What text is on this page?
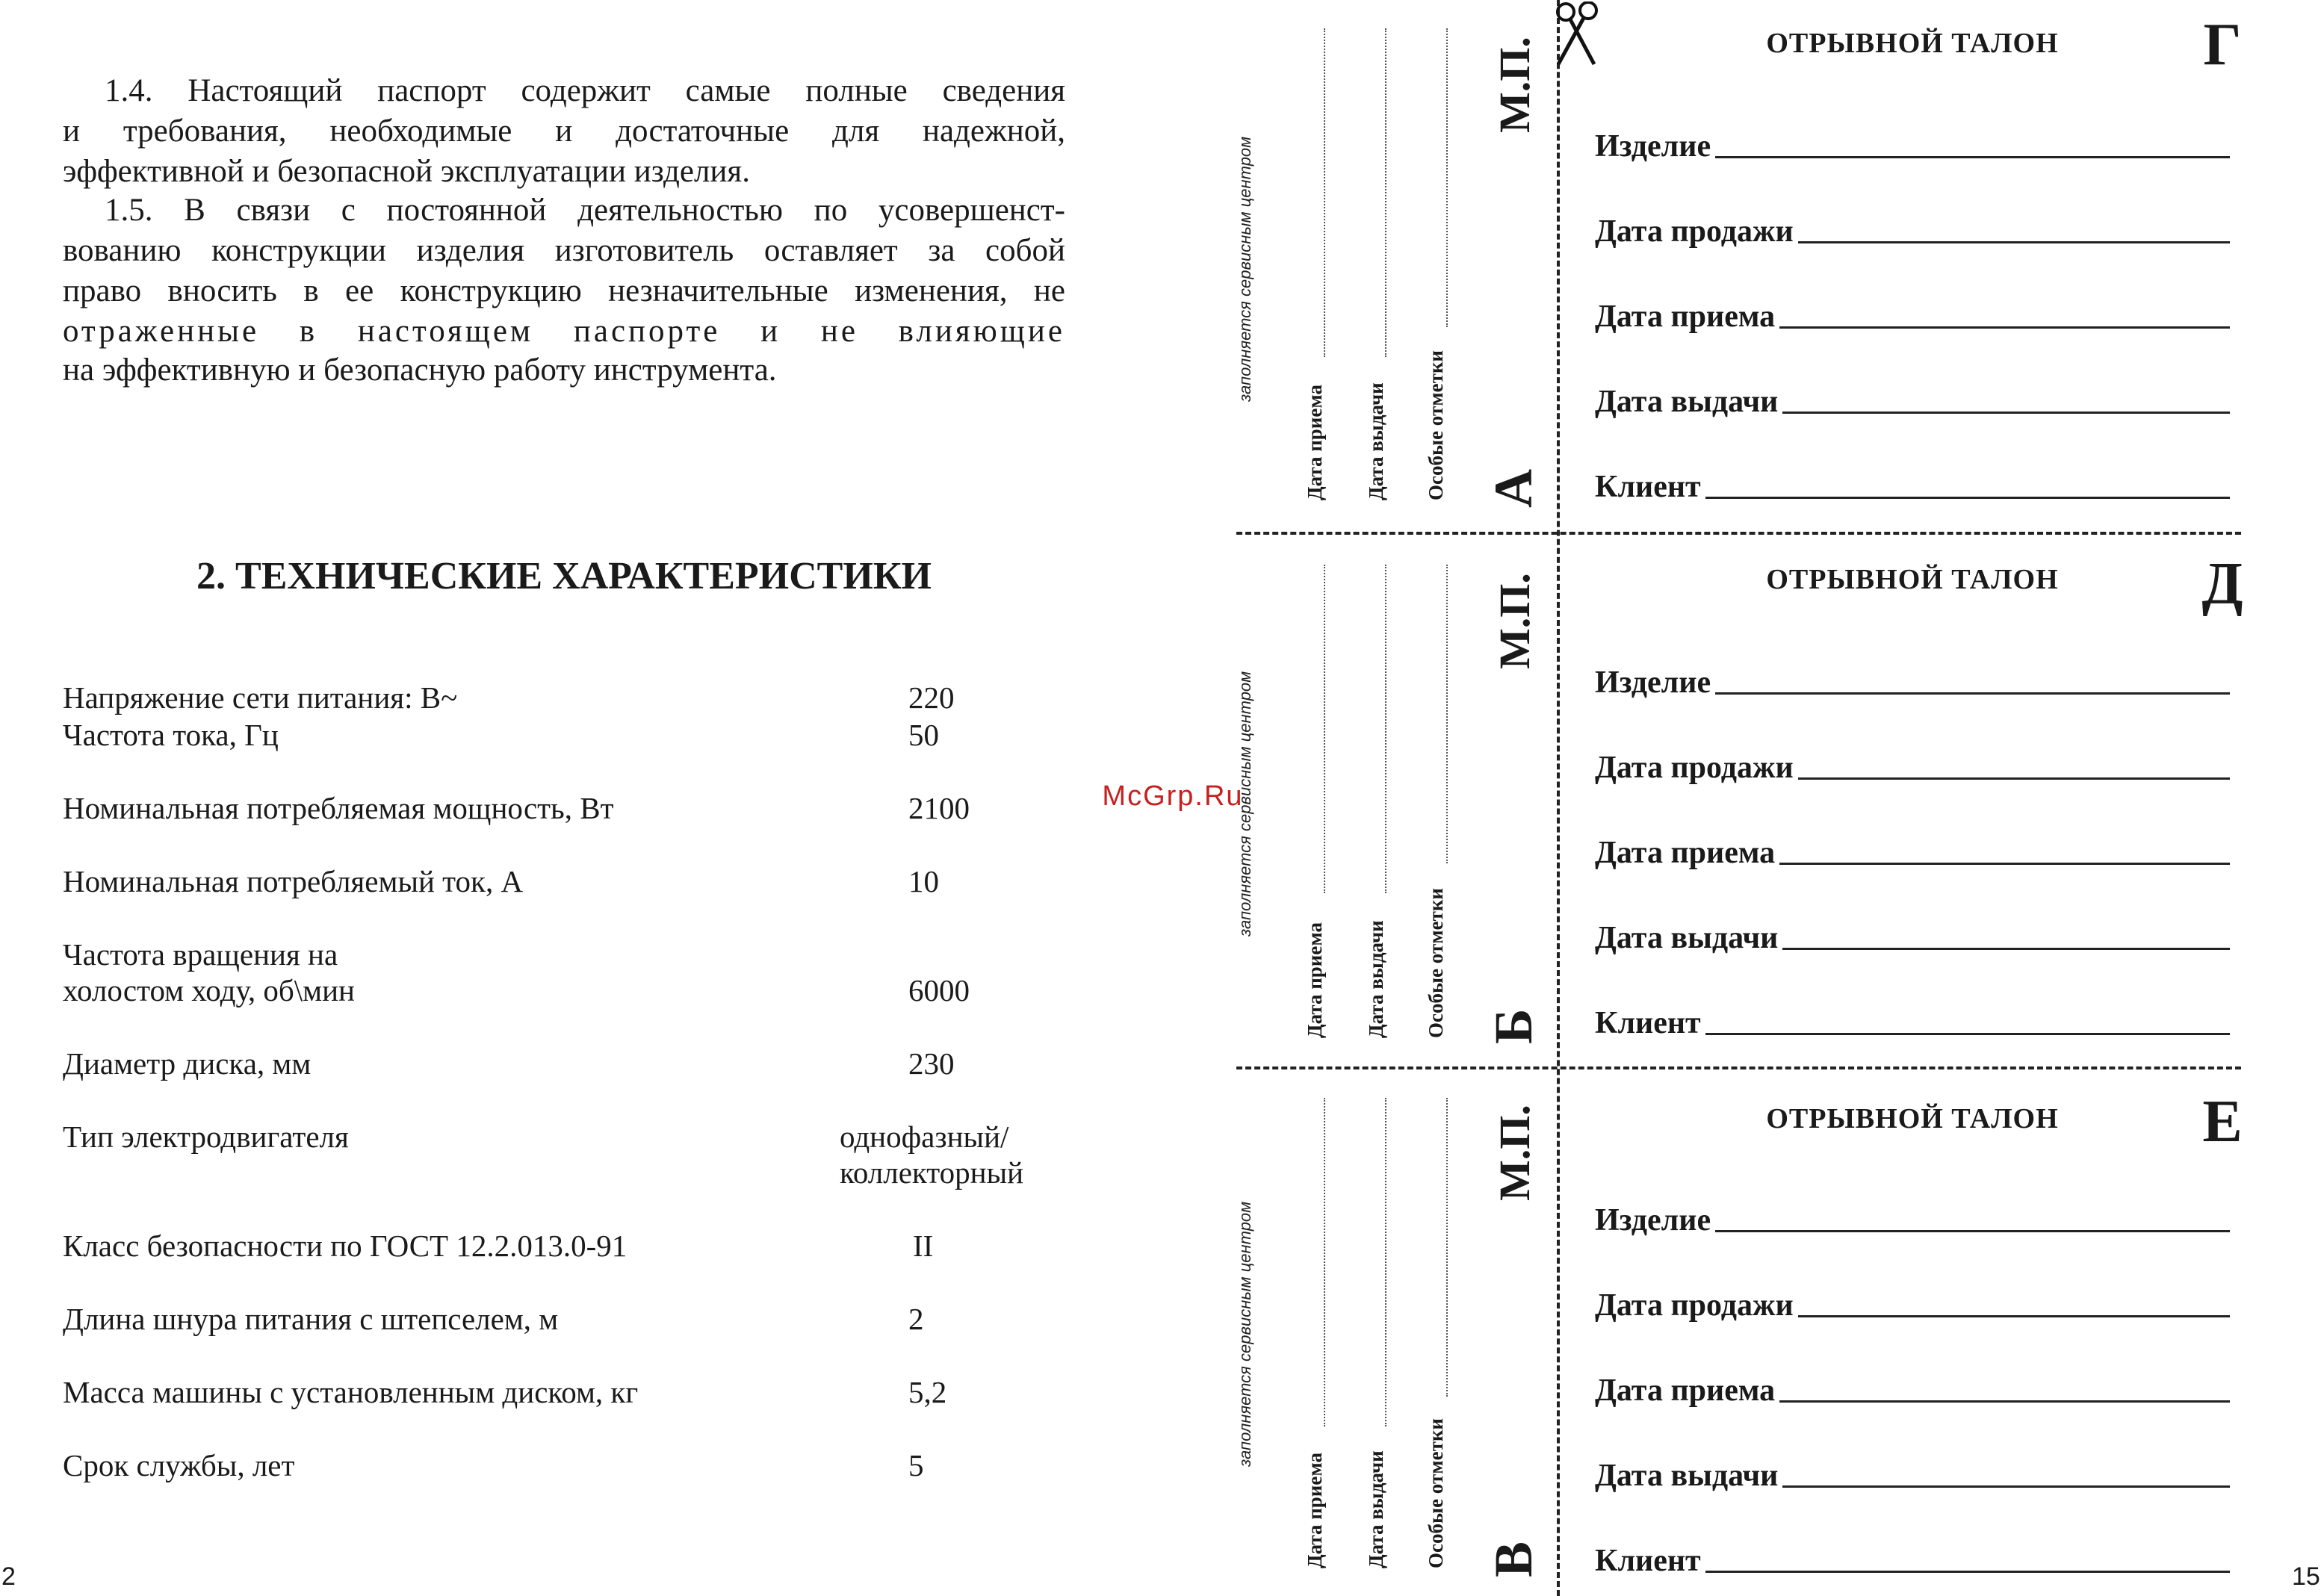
1.4. Настоящий паспорт содержит самые полные сведения
и требования, необходимые и достаточные для надежной,
эффективной и безопасной эксплуатации изделия.
1.5. В связи с постоянной деятельностью по усовершенст-
вованию конструкции изделия изготовитель оставляет за собой
право вносить в ее конструкцию незначительные изменения, не
отраженные в настоящем паспорте и не влияющие
на эффективную и безопасную работу инструмента.
2. ТЕХНИЧЕСКИЕ ХАРАКТЕРИСТИКИ
Напряжение сети питания: В~	220
Частота тока, Гц	50
Номинальная потребляемая мощность, Вт	2100
Номинальная потребляемый ток, А	10
Частота вращения на
холостом ходу, об\мин	6000
Диаметр диска, мм	230
Тип электродвигателя	однофазный/
коллекторный
Класс безопасности по ГОСТ 12.2.013.0-91	II
Длина шнура питания с штепселем, м	2
Масса машины с установленным диском, кг	5,2
Срок службы, лет	5
2
McGrp.Ru
заполняется сервисным центром
Дата приема Дата выдачи Особые отметки
М.П.
А
заполняется сервисным центром
Дата приема Дата выдачи Особые отметки
М.П.
Б
заполняется сервисным центром
Дата приема Дата выдачи Особые отметки
М.П.
В
ОТРЫВНОЙ ТАЛОН	Г
Изделие
Дата продажи
Дата приема
Дата выдачи
Клиент
ОТРЫВНОЙ ТАЛОН	Д
Изделие
Дата продажи
Дата приема
Дата выдачи
Клиент
ОТРЫВНОЙ ТАЛОН	Е
Изделие
Дата продажи
Дата приема
Дата выдачи
Клиент	15
